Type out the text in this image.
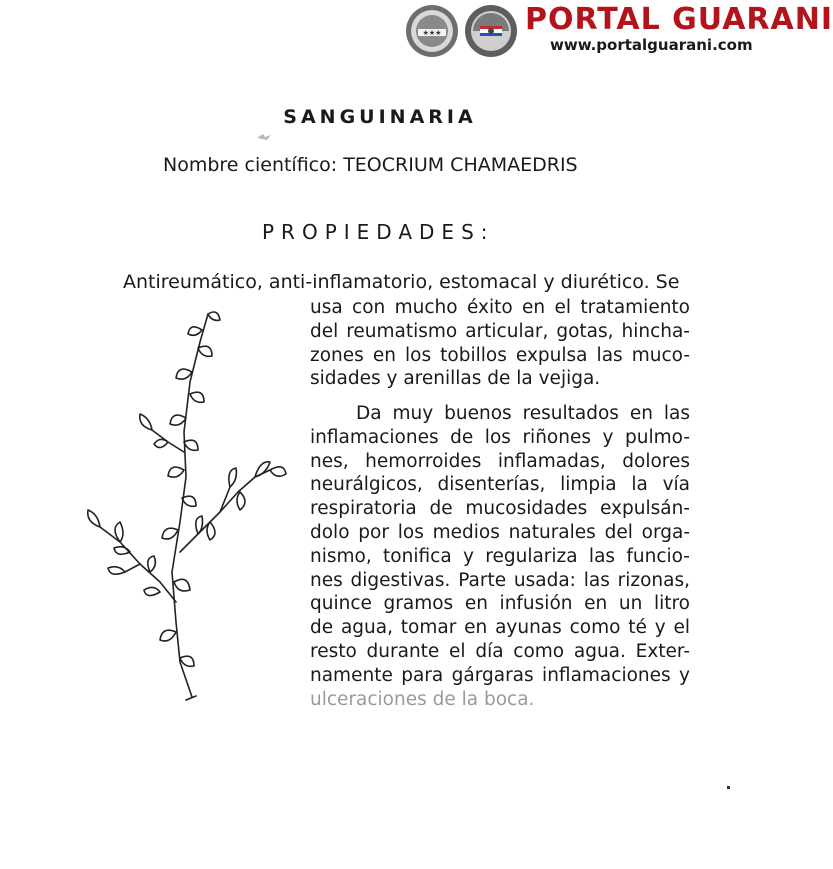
★★★	PORTAL GUARANI
www.portalguarani.com
SANGUINARIA
Nombre científico: TEOCRIUM CHAMAEDRIS
PROPIEDADES:
Antireumático, anti-inflamatorio, estomacal y diurético. Se
usa con mucho éxito en el tratamiento
del reumatismo articular, gotas, hincha-
zones en los tobillos expulsa las muco-
sidades y arenillas de la vejiga.
Da muy buenos resultados en las
inflamaciones de los riñones y pulmo-
nes, hemorroides inflamadas, dolores
neurálgicos, disenterías, limpia la vía
respiratoria de mucosidades expulsán-
dolo por los medios naturales del orga-
nismo, tonifica y regulariza las funcio-
nes digestivas. Parte usada: las rizonas,
quince gramos en infusión en un litro
de agua, tomar en ayunas como té y el
resto durante el día como agua. Exter-
namente para gárgaras inflamaciones y
ulceraciones de la boca.
